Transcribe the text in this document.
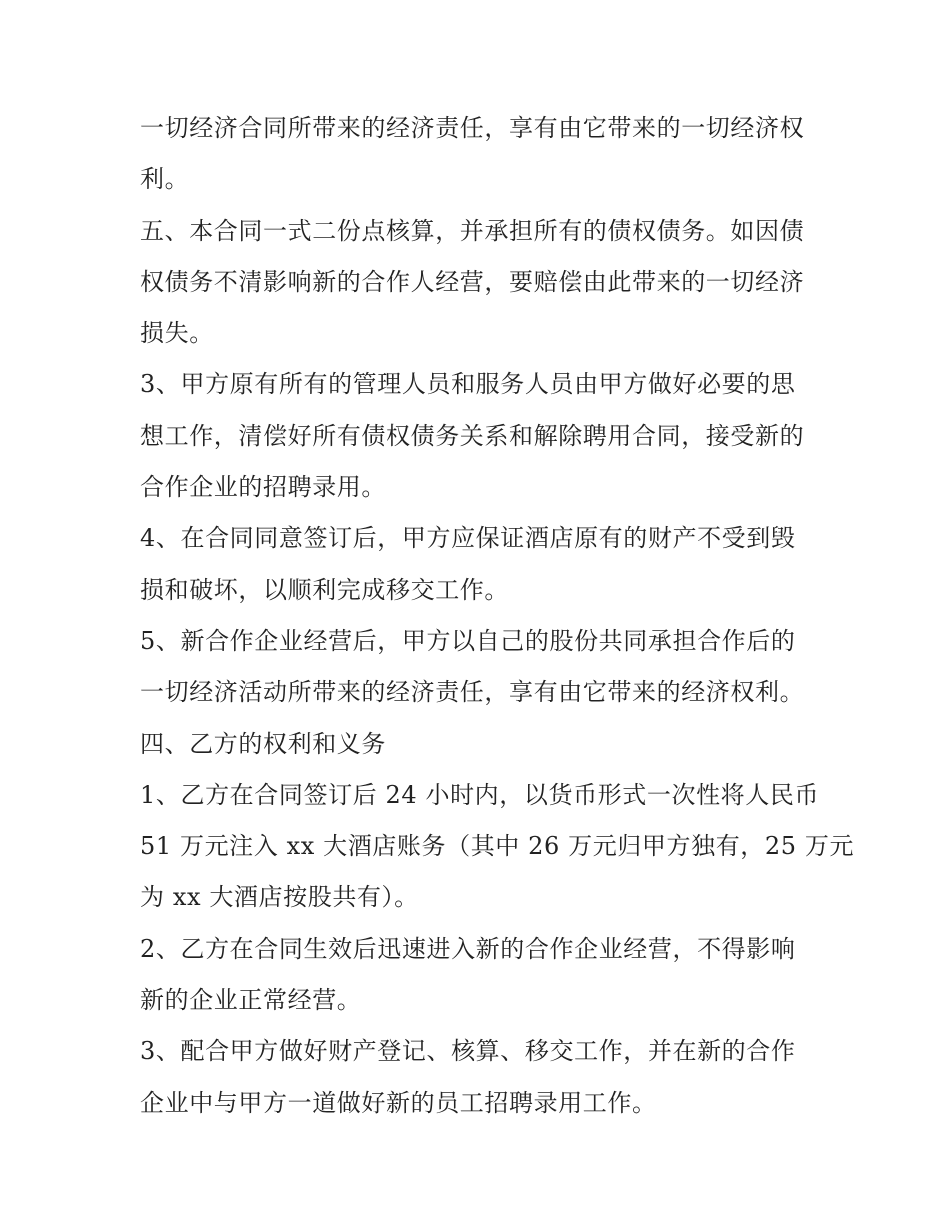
一切经济合同所带来的经济责任，享有由它带来的一切经济权
利。
五、本合同一式二份点核算，并承担所有的债权债务。如因债
权债务不清影响新的合作人经营，要赔偿由此带来的一切经济
损失。
3、甲方原有所有的管理人员和服务人员由甲方做好必要的思
想工作，清偿好所有债权债务关系和解除聘用合同，接受新的
合作企业的招聘录用。
4、在合同同意签订后，甲方应保证酒店原有的财产不受到毁
损和破坏，以顺利完成移交工作。
5、新合作企业经营后，甲方以自己的股份共同承担合作后的
一切经济活动所带来的经济责任，享有由它带来的经济权利。
四、乙方的权利和义务
1、乙方在合同签订后 24 小时内，以货币形式一次性将人民币
51 万元注入 xx 大酒店账务（其中 26 万元归甲方独有，25 万元
为 xx 大酒店按股共有）。
2、乙方在合同生效后迅速进入新的合作企业经营，不得影响
新的企业正常经营。
3、配合甲方做好财产登记、核算、移交工作，并在新的合作
企业中与甲方一道做好新的员工招聘录用工作。
